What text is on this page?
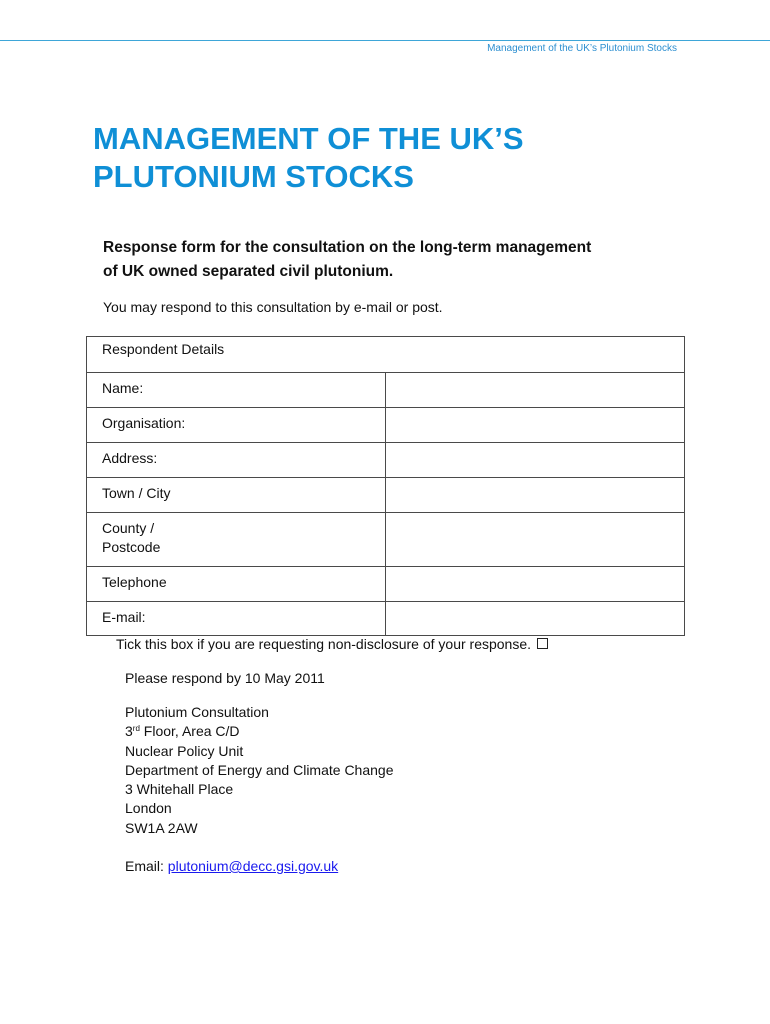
Management of the UK’s Plutonium Stocks
MANAGEMENT OF THE UK’S
PLUTONIUM STOCKS
Response form for the consultation on the long-term management
of UK owned separated civil plutonium.
You may respond to this consultation by e-mail or post.
Respondent Details	
Name:	
Organisation:	
Address:	
Town / City	
County /
Postcode	
Telephone	
E-mail:	
Tick this box if you are requesting non-disclosure of your response.
Please respond by 10 May 2011
Plutonium Consultation
3rd Floor, Area C/D
Nuclear Policy Unit
Department of Energy and Climate Change
3 Whitehall Place
London
SW1A 2AW
Email: plutonium@decc.gsi.gov.uk
